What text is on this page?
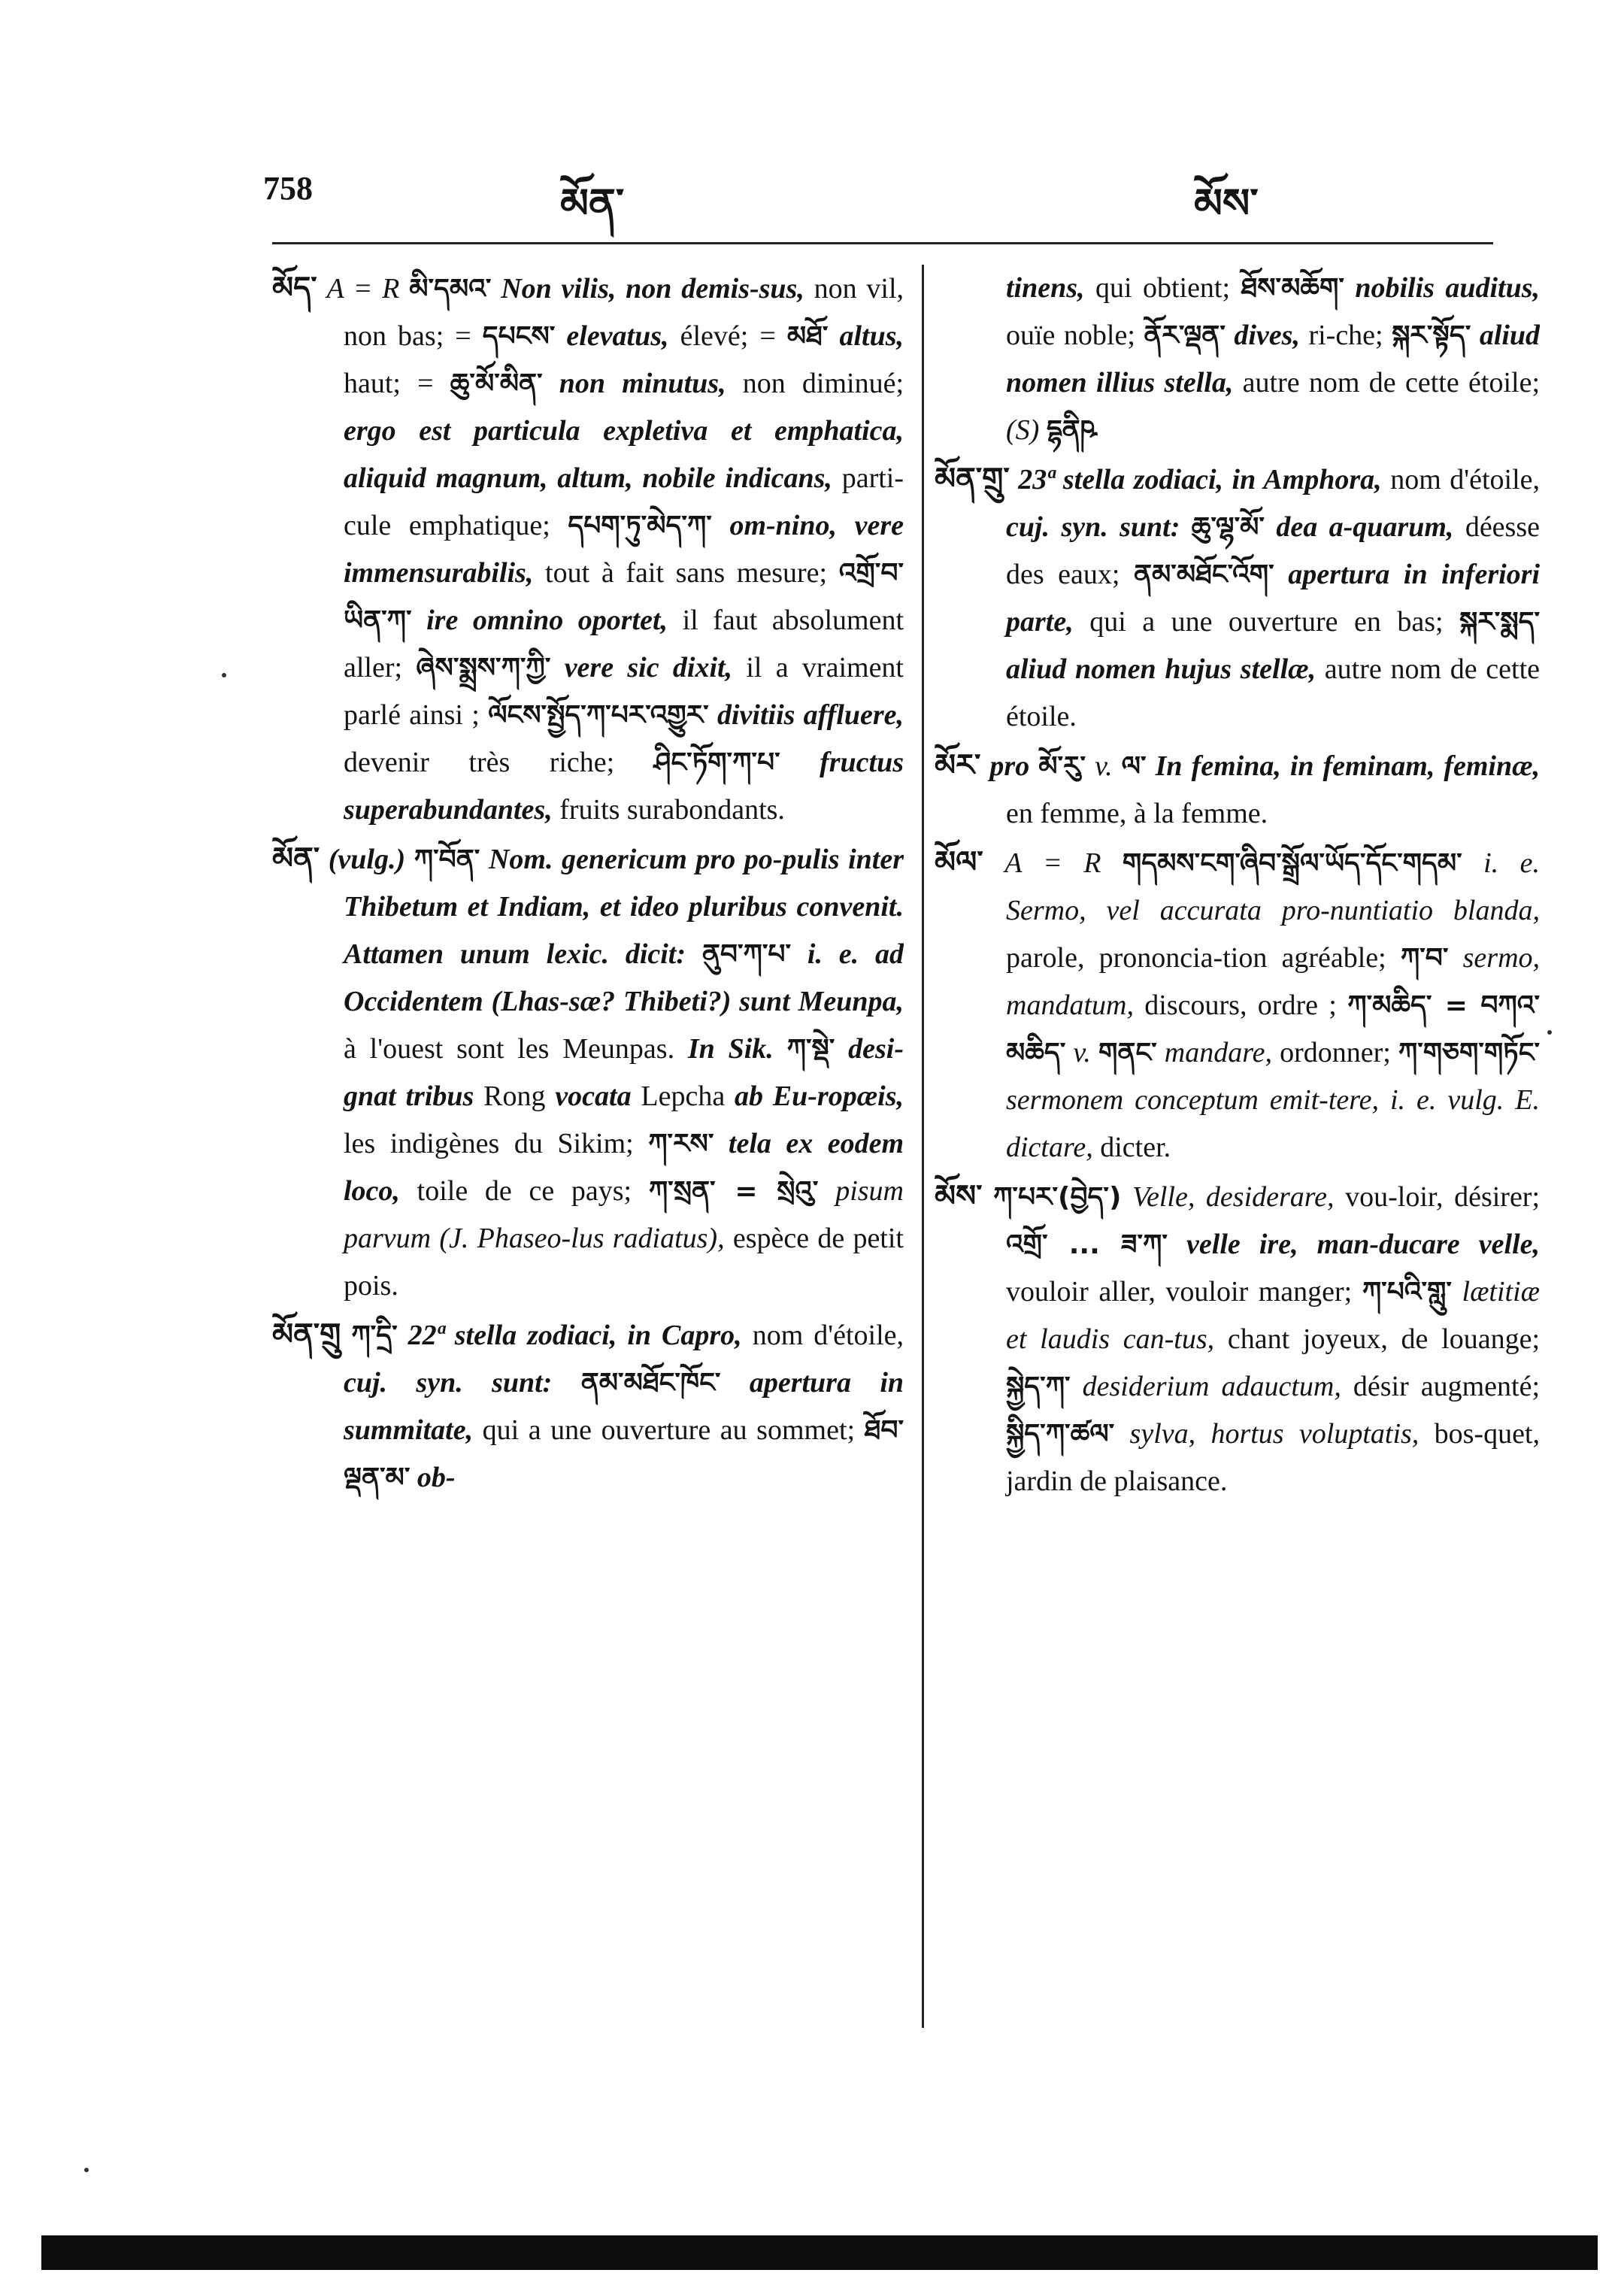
758	མོན་	མོས་

མོད་ A = R མི་དམའ་ Non vilis, non demis-sus, non vil, non bas; = དཔངས་ elevatus, élevé; = མཐོ་ altus, haut; = ཆུ་མོ་མིན་ non minutus, non diminué; ergo est particula expletiva et emphatica, aliquid magnum, altum, nobile indicans, parti-cule emphatique; དཔག་ཏུ་མེད་ཀ་ om-nino, vere immensurabilis, tout à fait sans mesure; འགྲོ་བ་ཡིན་ཀ་ ire omnino oportet, il faut absolument aller; ཞེས་སྨྲས་ཀ་ཀྱི་ vere sic dixit, il a vraiment parlé ainsi ; ལོངས་སྤྱོད་ཀ་པར་འགྱུར་ divitiis affluere, devenir très riche; ཤིང་ཏོག་ཀ་པ་ fructus superabundantes, fruits surabondants.

མོན་ (vulg.) ཀ་བོན་ Nom. genericum pro po-pulis inter Thibetum et Indiam, et ideo pluribus convenit. Attamen unum lexic. dicit: ནུབ་ཀ་པ་ i. e. ad Occidentem (Lhas-sæ? Thibeti?) sunt Meunpa, à l'ouest sont les Meunpas. In Sik. ཀ་སྡེ་ desi-gnat tribus Rong vocata Lepcha ab Eu-ropæis, les indigènes du Sikim; ཀ་རས་ tela ex eodem loco, toile de ce pays; ཀ་སྲན་ = སྲེའུ་ pisum parvum (J. Phaseo-lus radiatus), espèce de petit pois.

མོན་གྲུ ཀ་དྲི་ 22ª stella zodiaci, in Capro, nom d'étoile, cuj. syn. sunt: ནམ་མཐོང་ཁོང་ apertura in summitate, qui a une ouverture au sommet; ཐོབ་ལྡན་མ་ ob-

tinens, qui obtient; ཐོས་མཆོག་ nobilis auditus, ouïe noble; ནོར་ལྡན་ dives, ri-che; སྐར་སྟོད་ aliud nomen illius stella, autre nom de cette étoile; (S) དྷནིཥ

མོན་གྲུ་ 23ª stella zodiaci, in Amphora, nom d'étoile, cuj. syn. sunt: ཆུ་ལྷ་མོ་ dea a-quarum, déesse des eaux; ནམ་མཐོང་འོག་ apertura in inferiori parte, qui a une ouverture en bas; སྐར་སྨད་ aliud nomen hujus stellæ, autre nom de cette étoile.

མོར་ pro མོ་རུ་ v. ལ་ In femina, in feminam, feminæ, en femme, à la femme.

མོལ་ A = R གདམས་ངག་ཞིབ་སྒྲོལ་ཡོད་དོང་གདམ་ i. e. Sermo, vel accurata pro-nuntiatio blanda, parole, prononcia-tion agréable; ཀ་བ་ sermo, mandatum, discours, ordre ; ཀ་མཆིད་ = བཀའ་མཆིད་ v. གནང་ mandare, ordonner; ཀ་གཅག་གཏོང་ sermonem conceptum emit-tere, i. e. vulg. E. dictare, dicter.

མོས་ ཀ་པར་(བྱེད་) Velle, desiderare, vou-loir, désirer; འགྲོ་ ... ཟ་ཀ་ velle ire, man-ducare velle, vouloir aller, vouloir manger; ཀ་པའི་གླུ་ lætitiæ et laudis can-tus, chant joyeux, de louange; སྐྱེད་ཀ་ desiderium adauctum, désir augmenté; སྐྱིད་ཀ་ཚལ་ sylva, hortus voluptatis, bos-quet, jardin de plaisance.
